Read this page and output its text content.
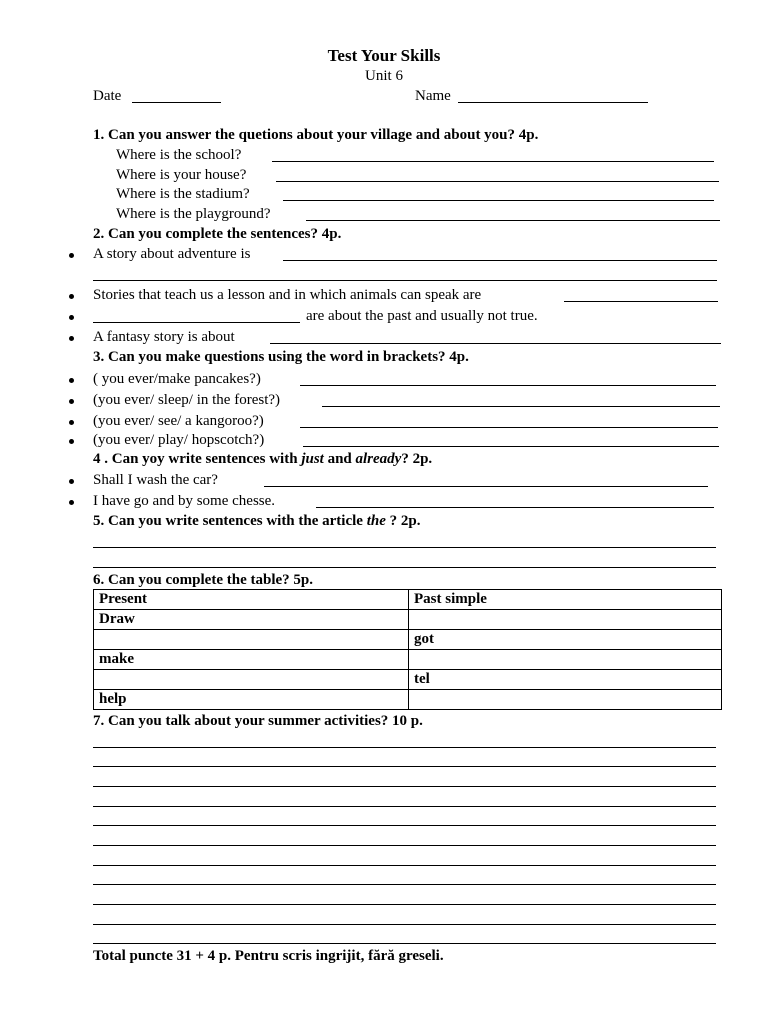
Test Your Skills
Unit 6
Date	Name
1. Can you answer the quetions about your village and about you? 4p.
Where is the school?
Where is your house?
Where is the stadium?
Where is the playground?
2. Can you complete the sentences? 4p.
A story about adventure is
Stories that teach us a lesson and in which animals can speak are
are about the past and usually not true.
A fantasy story is about
3. Can you make questions using the word in brackets? 4p.
( you ever/make pancakes?)
(you ever/ sleep/ in the forest?)
(you ever/ see/ a kangoroo?)
(you ever/ play/ hopscotch?)
4 . Can yoy write sentences with just and already? 2p.
Shall I wash the car?
I have go and by some chesse.
5. Can you write sentences with the article the ? 2p.
6. Can you complete the table? 5p.
Present	Past simple
Draw	
	got
make	
	tel
help	
7. Can you talk about your summer activities? 10 p.
Total puncte 31 + 4 p. Pentru scris ingrijit, fără greseli.
